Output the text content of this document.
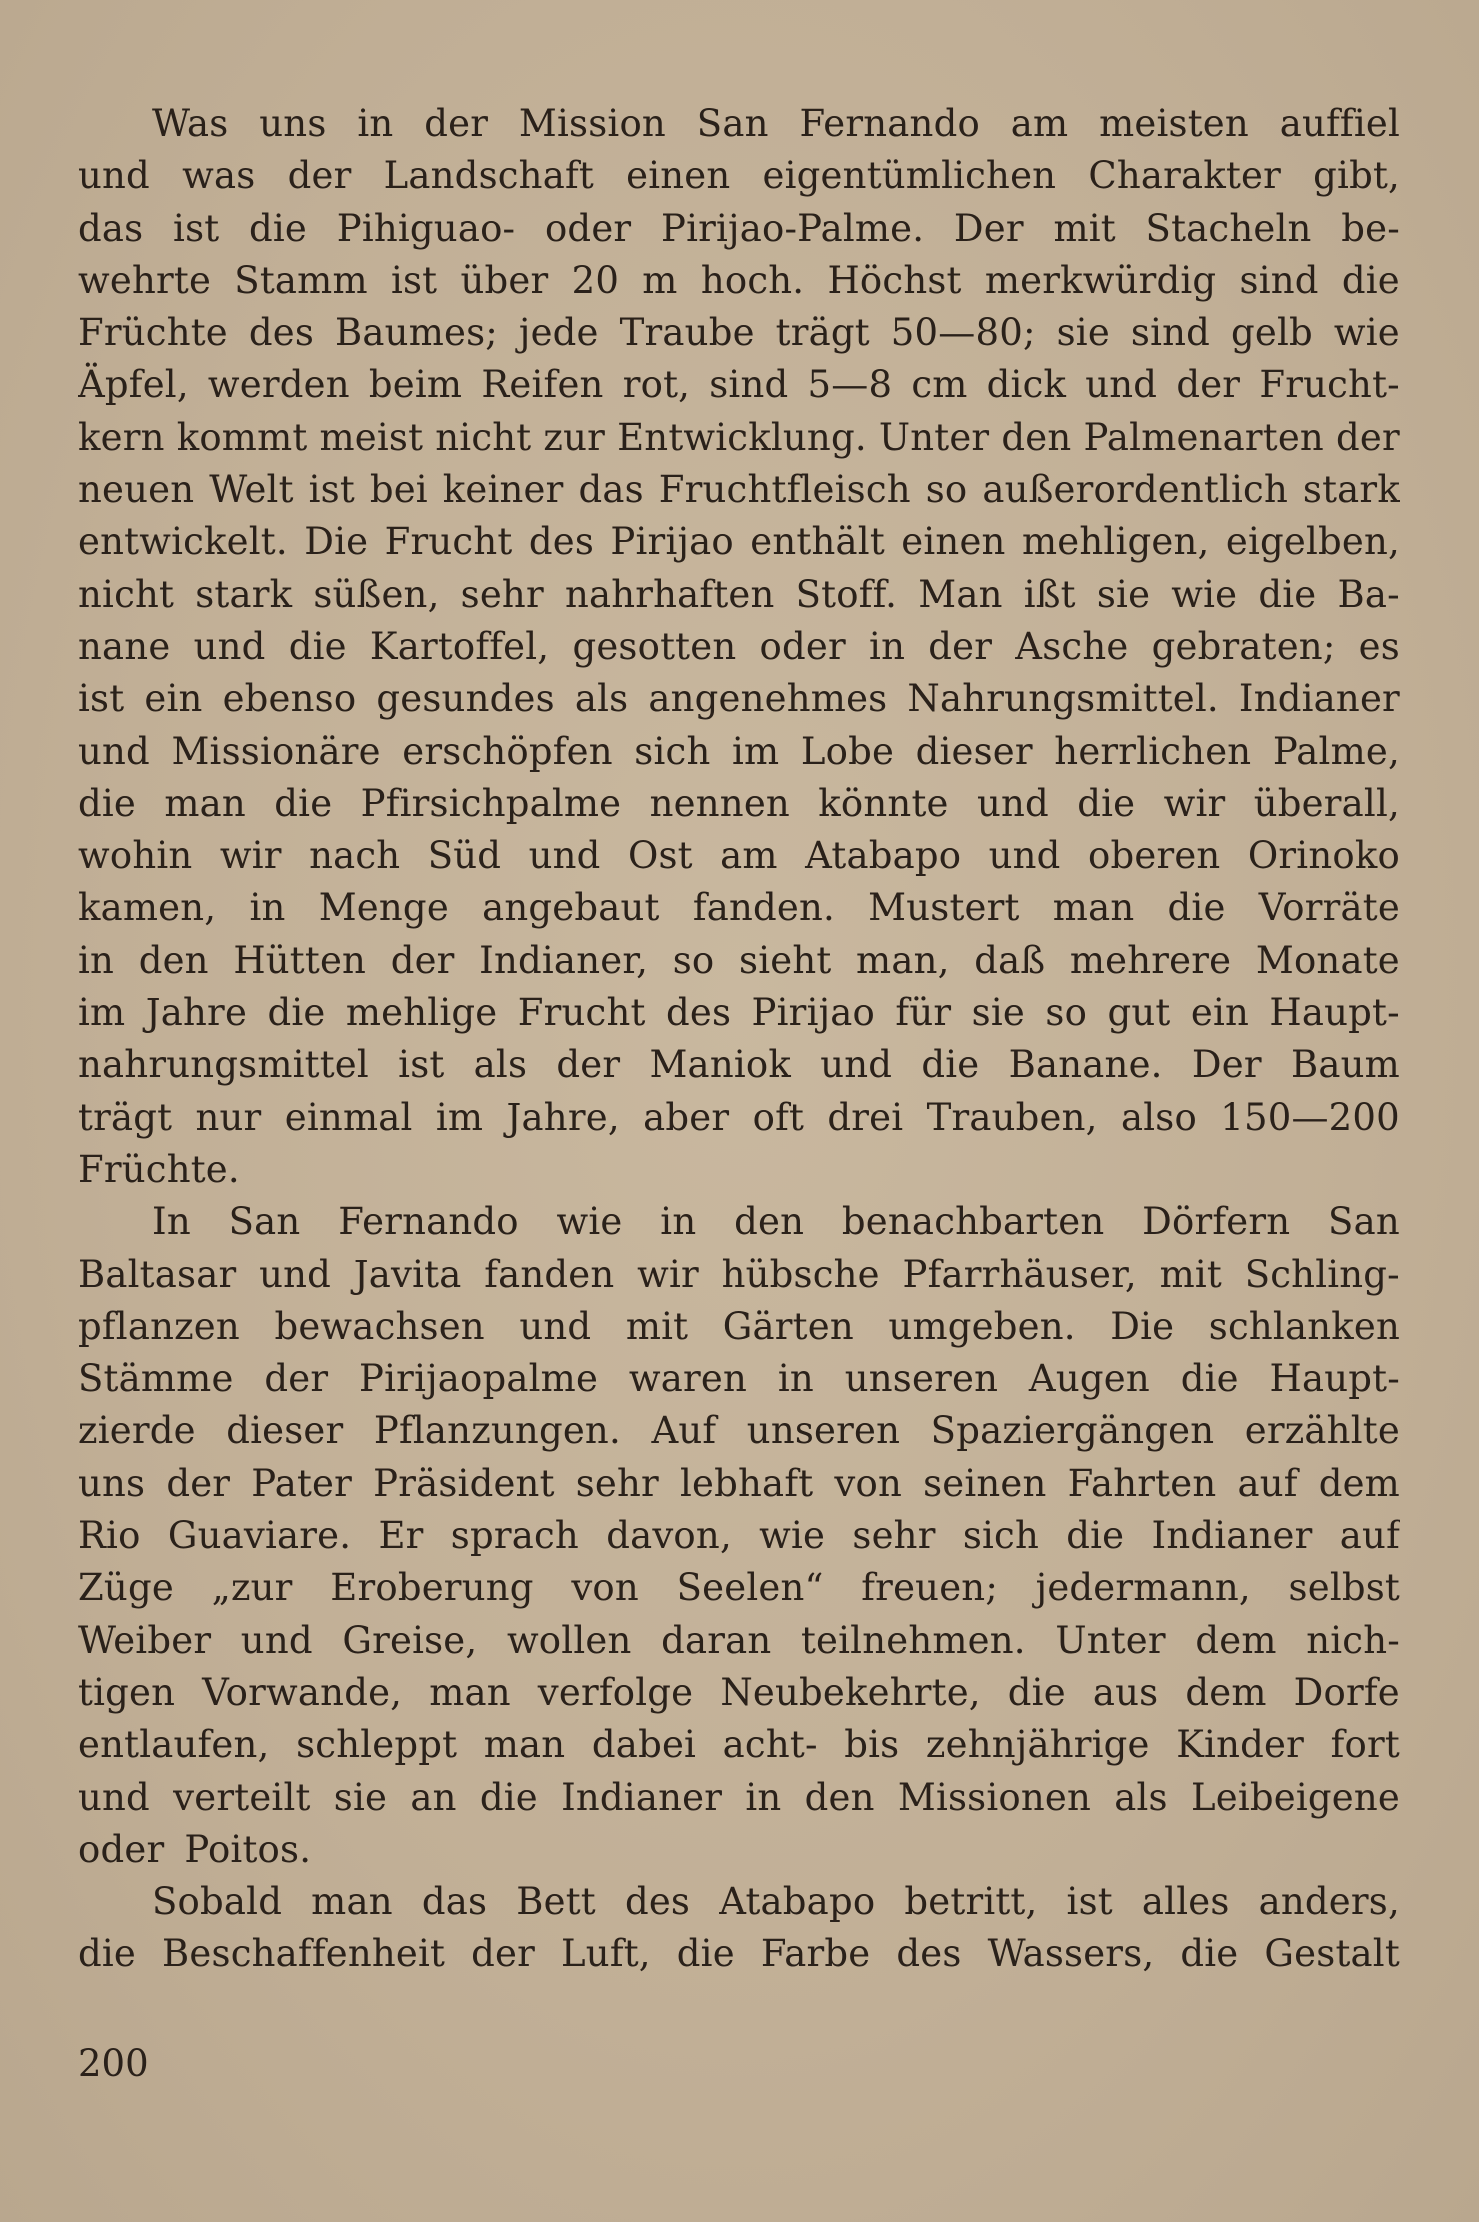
Was uns in der Mission San Fernando am meisten auffiel
und was der Landschaft einen eigentümlichen Charakter gibt,
das ist die Pihiguao- oder Pirijao-Palme. Der mit Stacheln be-
wehrte Stamm ist über 20 m hoch. Höchst merkwürdig sind die
Früchte des Baumes; jede Traube trägt 50—80; sie sind gelb wie
Äpfel, werden beim Reifen rot, sind 5—8 cm dick und der Frucht-
kern kommt meist nicht zur Entwicklung. Unter den Palmenarten der
neuen Welt ist bei keiner das Fruchtfleisch so außerordentlich stark
entwickelt. Die Frucht des Pirijao enthält einen mehligen, eigelben,
nicht stark süßen, sehr nahrhaften Stoff. Man ißt sie wie die Ba-
nane und die Kartoffel, gesotten oder in der Asche gebraten; es
ist ein ebenso gesundes als angenehmes Nahrungsmittel. Indianer
und Missionäre erschöpfen sich im Lobe dieser herrlichen Palme,
die man die Pfirsichpalme nennen könnte und die wir überall,
wohin wir nach Süd und Ost am Atabapo und oberen Orinoko
kamen, in Menge angebaut fanden. Mustert man die Vorräte
in den Hütten der Indianer, so sieht man, daß mehrere Monate
im Jahre die mehlige Frucht des Pirijao für sie so gut ein Haupt-
nahrungsmittel ist als der Maniok und die Banane. Der Baum
trägt nur einmal im Jahre, aber oft drei Trauben, also 150—200
Früchte.
In San Fernando wie in den benachbarten Dörfern San
Baltasar und Javita fanden wir hübsche Pfarrhäuser, mit Schling-
pflanzen bewachsen und mit Gärten umgeben. Die schlanken
Stämme der Pirijaopalme waren in unseren Augen die Haupt-
zierde dieser Pflanzungen. Auf unseren Spaziergängen erzählte
uns der Pater Präsident sehr lebhaft von seinen Fahrten auf dem
Rio Guaviare. Er sprach davon, wie sehr sich die Indianer auf
Züge „zur Eroberung von Seelen“ freuen; jedermann, selbst
Weiber und Greise, wollen daran teilnehmen. Unter dem nich-
tigen Vorwande, man verfolge Neubekehrte, die aus dem Dorfe
entlaufen, schleppt man dabei acht- bis zehnjährige Kinder fort
und verteilt sie an die Indianer in den Missionen als Leibeigene
oder Poitos.
Sobald man das Bett des Atabapo betritt, ist alles anders,
die Beschaffenheit der Luft, die Farbe des Wassers, die Gestalt
200
